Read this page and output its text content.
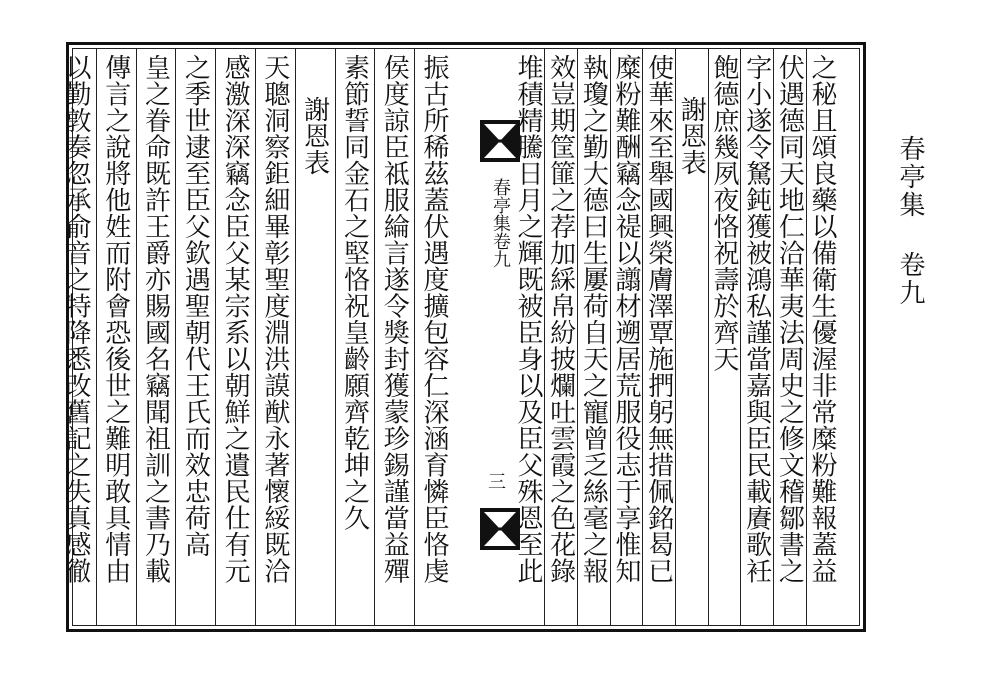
春亭集卷九
三
春亭集 卷九
之秘且頌良藥以備衛生優渥非常糜粉難報蓋益
伏遇德同天地仁洽華夷法周史之修文稽鄒書之
字小遂令駑鈍獲被鴻私謹當嘉與臣民載賡歌衽
飽德庶幾夙夜恪祝壽於齊天
謝恩表
使華來至舉國興榮膚澤覃施捫躬無措佩銘曷已
糜粉難酬竊念禔以譾材遡居荒服役志于享惟知
執瓊之勤大德曰生屢荷自天之寵曾乏絲毫之報
效豈期筐篚之荐加綵帛紛披爛吐雲霞之色花錄
堆積精騰日月之輝既被臣身以及臣父殊恩至此
振古所稀茲蓋伏遇度擴包容仁深涵育憐臣恪虔
侯度諒臣祗服綸言遂令獎封獲蒙珍錫謹當益殫
素節誓同金石之堅恪祝皇齡願齊乾坤之久
謝恩表
天聰洞察鉅細畢彰聖度淵洪謨猷永著懷綏既洽
感激深深竊念臣父某宗系以朝鮮之遺民仕有元
之季世逮至臣父欽遇聖朝代王氏而效忠荷高
皇之眷命既許王爵亦賜國名竊聞祖訓之書乃載
傳言之說將他姓而附會恐後世之難明敢具情由
以勤敦奏忽承俞音之特降悉改舊記之失真感徹
